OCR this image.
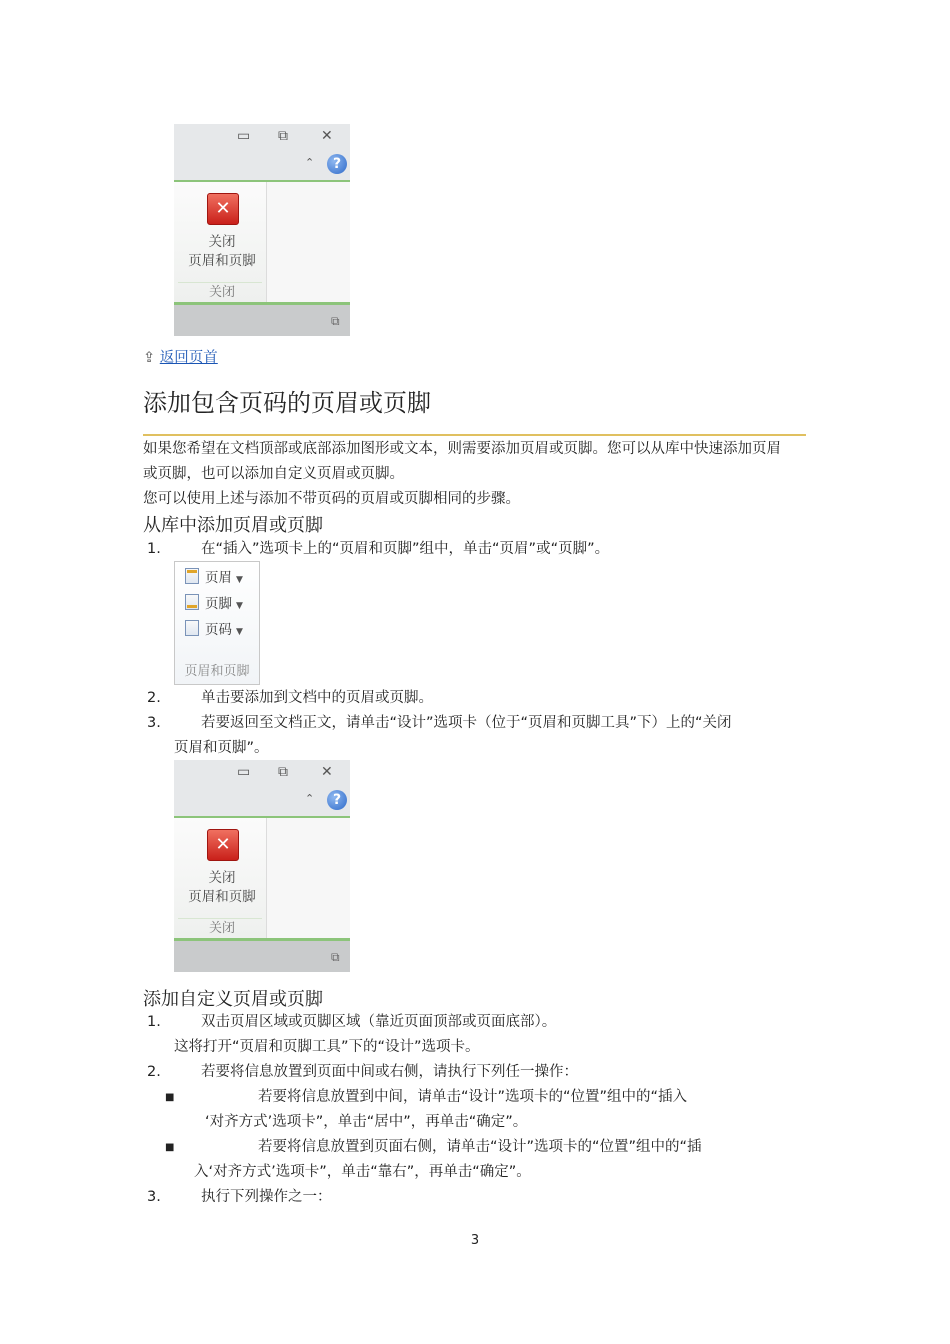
▭ ⧉ ✕
⌃	?
✕
关闭
页眉和页脚
关闭
⧉
⇪ 返回页首
添加包含页码的页眉或页脚
如果您希望在文档顶部或底部添加图形或文本，则需要添加页眉或页脚。您可以从库中快速添加页眉
或页脚，也可以添加自定义页眉或页脚。
您可以使用上述与添加不带页码的页眉或页脚相同的步骤。
从库中添加页眉或页脚
1.	在“插入”选项卡上的“页眉和页脚”组中，单击“页眉”或“页脚”。
页眉 ▼
页脚 ▼
页码 ▼
页眉和页脚
2.	单击要添加到文档中的页眉或页脚。
3.	若要返回至文档正文，请单击“设计”选项卡（位于“页眉和页脚工具”下）上的“关闭
页眉和页脚”。
▭ ⧉ ✕
⌃	?
✕
关闭
页眉和页脚
关闭
⧉
添加自定义页眉或页脚
1.	双击页眉区域或页脚区域（靠近页面顶部或页面底部）。
这将打开“页眉和页脚工具”下的“设计”选项卡。
2.	若要将信息放置到页面中间或右侧，请执行下列任一操作：
■	若要将信息放置到中间，请单击“设计”选项卡的“位置”组中的“插入
‘对齐方式’选项卡”，单击“居中”，再单击“确定”。
■	若要将信息放置到页面右侧，请单击“设计”选项卡的“位置”组中的“插
入‘对齐方式’选项卡”，单击“靠右”，再单击“确定”。
3.	执行下列操作之一：
3
